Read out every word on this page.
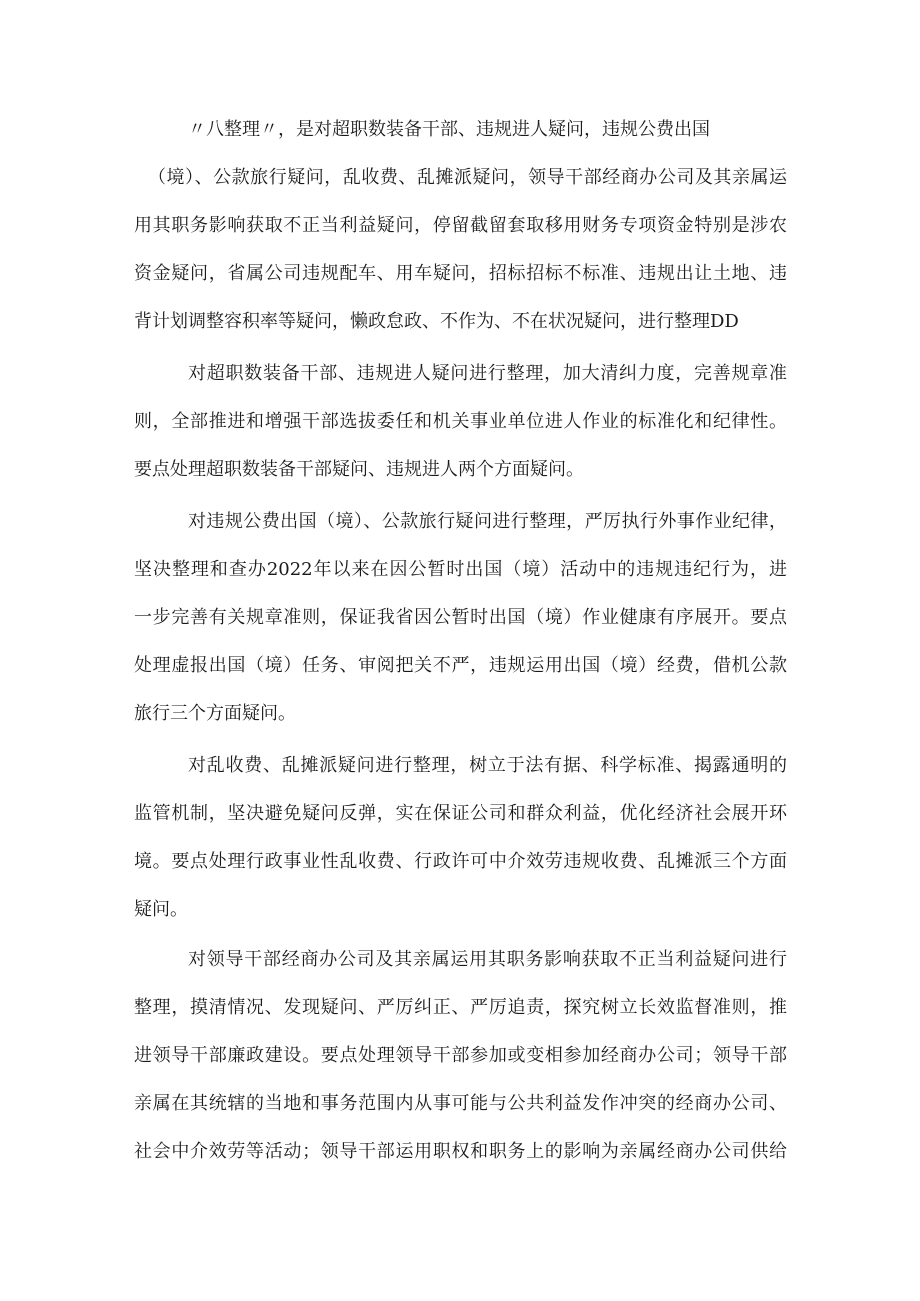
〃八整理〃，是对超职数装备干部、违规进人疑问，违规公费出国
（境）、公款旅行疑问，乱收费、乱摊派疑问，领导干部经商办公司及其亲属运
用其职务影响获取不正当利益疑问，停留截留套取移用财务专项资金特别是涉农
资金疑问，省属公司违规配车、用车疑问，招标招标不标准、违规出让土地、违
背计划调整容积率等疑问，懒政怠政、不作为、不在状况疑问，进行整理DD
对超职数装备干部、违规进人疑问进行整理，加大清纠力度，完善规章准
则，全部推进和增强干部选拔委任和机关事业单位进人作业的标准化和纪律性。
要点处理超职数装备干部疑问、违规进人两个方面疑问。
对违规公费出国（境）、公款旅行疑问进行整理，严厉执行外事作业纪律，
坚决整理和查办2022年以来在因公暂时出国（境）活动中的违规违纪行为，进
一步完善有关规章准则，保证我省因公暂时出国（境）作业健康有序展开。要点
处理虚报出国（境）任务、审阅把关不严，违规运用出国（境）经费，借机公款
旅行三个方面疑问。
对乱收费、乱摊派疑问进行整理，树立于法有据、科学标准、揭露通明的
监管机制，坚决避免疑问反弹，实在保证公司和群众利益，优化经济社会展开环
境。要点处理行政事业性乱收费、行政许可中介效劳违规收费、乱摊派三个方面
疑问。
对领导干部经商办公司及其亲属运用其职务影响获取不正当利益疑问进行
整理，摸清情况、发现疑问、严厉纠正、严厉追责，探究树立长效监督准则，推
进领导干部廉政建设。要点处理领导干部参加或变相参加经商办公司；领导干部
亲属在其统辖的当地和事务范围内从事可能与公共利益发作冲突的经商办公司、
社会中介效劳等活动；领导干部运用职权和职务上的影响为亲属经商办公司供给
